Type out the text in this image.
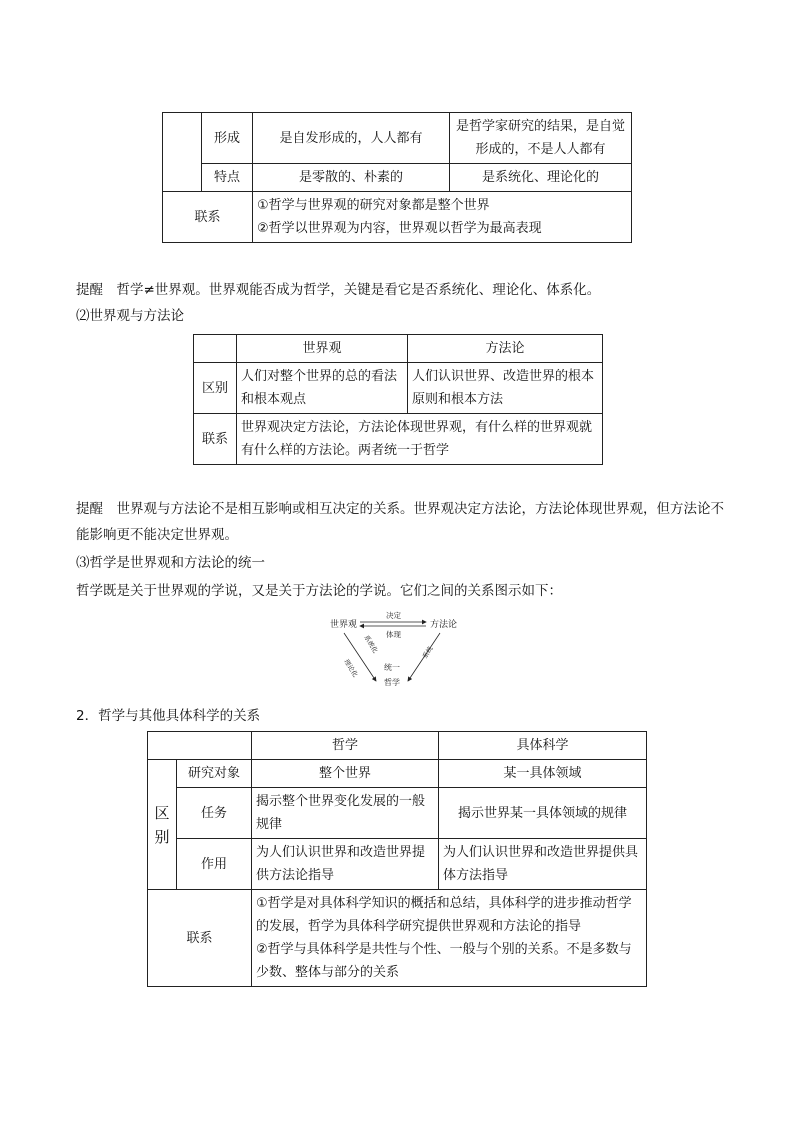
	形成	是自发形成的，人人都有	是哲学家研究的结果，是自觉形成的，不是人人都有
	特点	是零散的、朴素的	是系统化、理论化的
联系		①哲学与世界观的研究对象都是整个世界
②哲学以世界观为内容，世界观以哲学为最高表现	

提醒　哲学≠世界观。世界观能否成为哲学，关键是看它是否系统化、理论化、体系化。

⑵世界观与方法论

	世界观	方法论
区别	人们对整个世界的总的看法和根本观点	人们认识世界、改造世界的根本原则和根本方法
联系	世界观决定方法论，方法论体现世界观，有什么样的世界观就有什么样的方法论。两者统一于哲学	

提醒　世界观与方法论不是相互影响或相互决定的关系。世界观决定方法论，方法论体现世界观，但方法论不能影响更不能决定世界观。

⑶哲学是世界观和方法论的统一

哲学既是关于世界观的学说，又是关于方法论的学说。它们之间的关系图示如下：

世界观	方法论
决定
体现
统一
哲学
理论化
系统化	系统

2．哲学与其他具体科学的关系

		哲学	具体科学
区别	研究对象	整个世界	某一具体领域
	任务	揭示整个世界变化发展的一般规律	揭示世界某一具体领域的规律
	作用	为人们认识世界和改造世界提供方法论指导	为人们认识世界和改造世界提供具体方法指导
联系		①哲学是对具体科学知识的概括和总结，具体科学的进步推动哲学的发展，哲学为具体科学研究提供世界观和方法论的指导
②哲学与具体科学是共性与个性、一般与个别的关系。不是多数与少数、整体与部分的关系	
